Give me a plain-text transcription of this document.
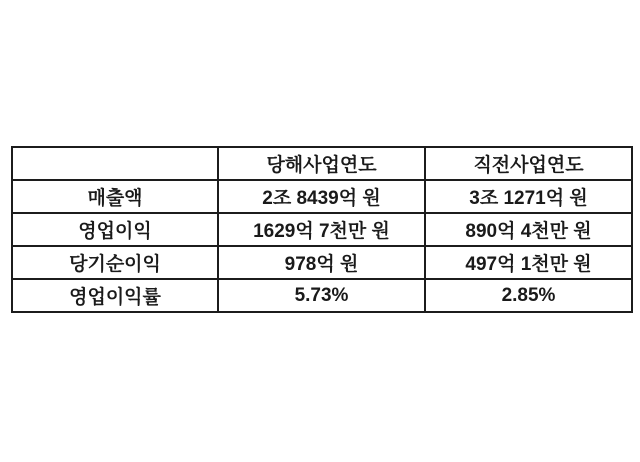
	당해사업연도	직전사업연도
매출액	2조 8439억 원	3조 1271억 원
영업이익	1629억 7천만 원	890억 4천만 원
당기순이익	978억 원	497억 1천만 원
영업이익률	5.73%	2.85%
